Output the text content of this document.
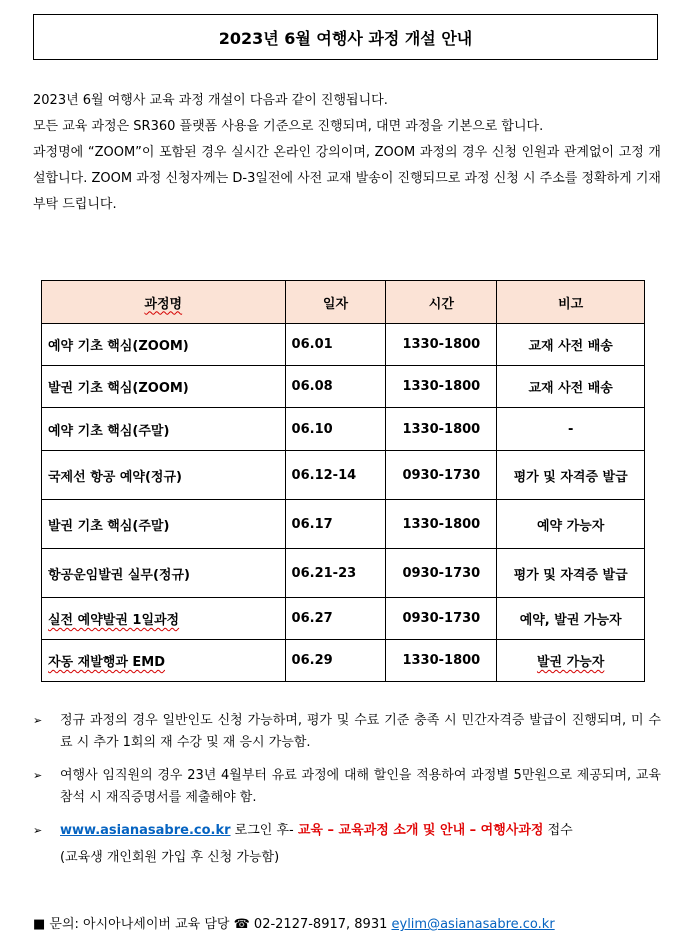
2023년 6월 여행사 과정 개설 안내

2023년 6월 여행사 교육 과정 개설이 다음과 같이 진행됩니다.

모든 교육 과정은 SR360 플랫폼 사용을 기준으로 진행되며, 대면 과정을 기본으로 합니다.

과정명에 “ZOOM”이 포함된 경우 실시간 온라인 강의이며, ZOOM 과정의 경우 신청 인원과 관계없이 고정 개설합니다. ZOOM 과정 신청자께는 D-3일전에 사전 교재 발송이 진행되므로 과정 신청 시 주소를 정확하게 기재 부탁 드립니다.

과정명	일자	시간	비고
예약 기초 핵심(ZOOM)	06.01	1330-1800	교재 사전 배송
발권 기초 핵심(ZOOM)	06.08	1330-1800	교재 사전 배송
예약 기초 핵심(주말)	06.10	1330-1800	-
국제선 항공 예약(정규)	06.12-14	0930-1730	평가 및 자격증 발급
발권 기초 핵심(주말)	06.17	1330-1800	예약 가능자
항공운임발권 실무(정규)	06.21-23	0930-1730	평가 및 자격증 발급
실전 예약발권 1일과정	06.27	0930-1730	예약, 발권 가능자
자동 재발행과 EMD	06.29	1330-1800	발권 가능자
➢ 정규 과정의 경우 일반인도 신청 가능하며, 평가 및 수료 기준 충족 시 민간자격증 발급이 진행되며, 미 수료 시 추가 1회의 재 수강 및 재 응시 가능함.
➢ 여행사 임직원의 경우 23년 4월부터 유료 과정에 대해 할인을 적용하여 과정별 5만원으로 제공되며, 교육 참석 시 재직증명서를 제출해야 함.
➢ www.asianasabre.co.kr 로그인 후- 교육 – 교육과정 소개 및 안내 – 여행사과정 접수
(교육생 개인회원 가입 후 신청 가능함)
■ 문의: 아시아나세이버 교육 담당 ☎ 02-2127-8917, 8931 eylim@asianasabre.co.kr
